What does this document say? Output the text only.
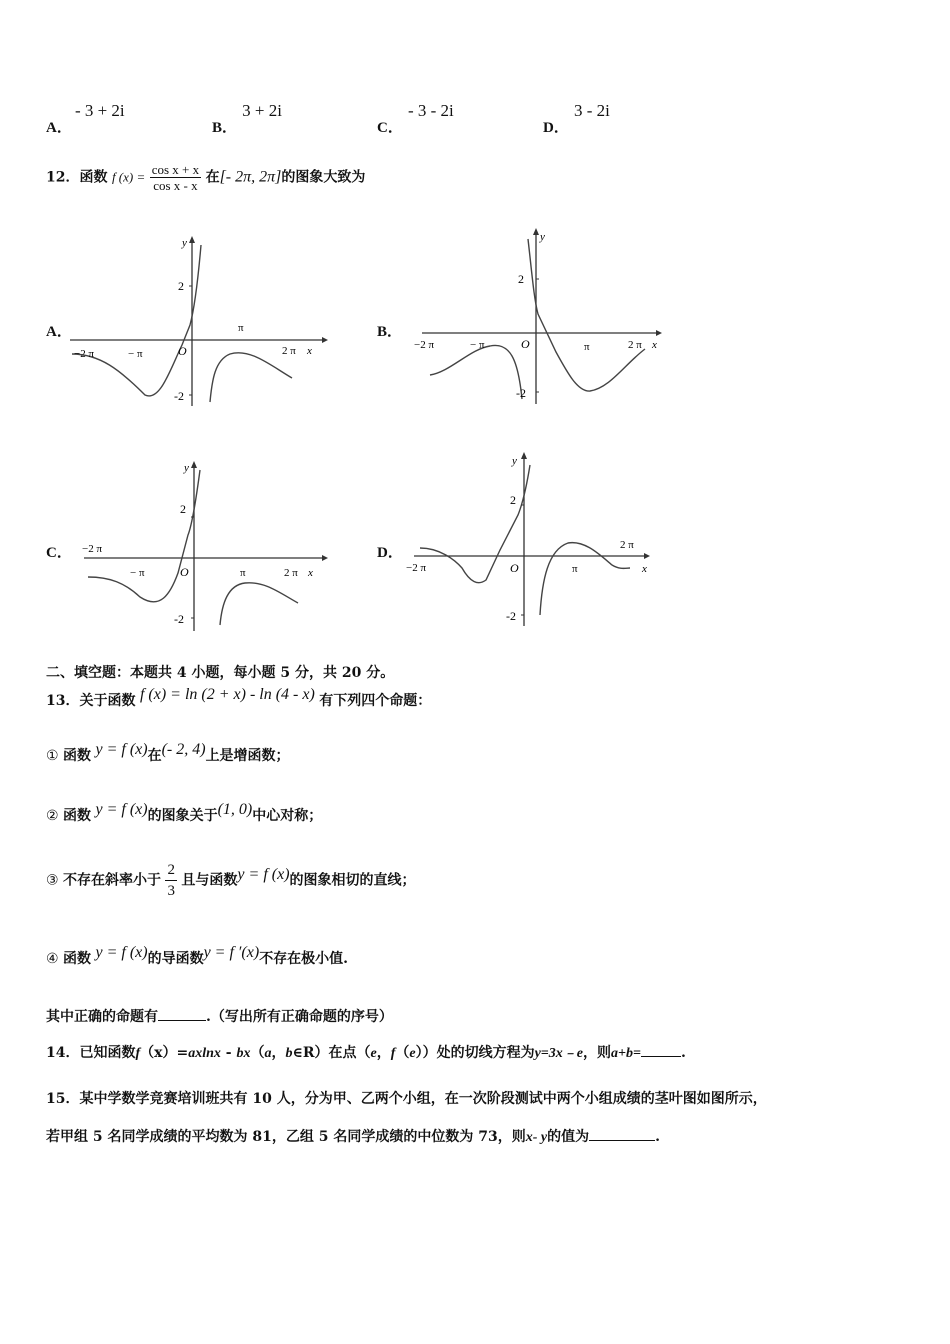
A． - 3 + 2i
B． 3 + 2i
C． - 3 - 2i
D． 3 - 2i
12．函数 f $(x) = \frac{\text{cos x + x}}{\text{cos x - x}}$ 在[- 2π, 2π]的图象大致为
A．	B．
C．	D．
y
2
-2
O
−2 π	− π
π
2 π x
y
2
-2
O
−2 π	− π	π	2 π x
y
2
-2
O
−2 π
− π	π	2 π x
y
2
-2
O
−2 π	π
2 π
x
二、填空题：本题共 4 小题，每小题 5 分，共 20 分。
13．关于函数 f (x) = ln (2 + x) - ln (4 - x) 有下列四个命题：
① 函数 y = f (x)在(- 2, 4)上是增函数；
② 函数 y = f (x)的图象关于(1, 0)中心对称；
③ 不存在斜率小于 $\frac{2}{3}$ 且与函数y = f (x)的图象相切的直线；
④ 函数 y = f (x)的导函数y = f ′(x)不存在极小值.
其中正确的命题有	.（写出所有正确命题的序号）
14．已知函数f（x）=axlnx - bx（a，b∈R）在点（e，f（e））处的切线方程为y=3x﹣e，则a+b=	.
15．某中学数学竞赛培训班共有 10 人，分为甲、乙两个小组，在一次阶段测试中两个小组成绩的茎叶图如图所示，
若甲组 5 名同学成绩的平均数为 81，乙组 5 名同学成绩的中位数为 73，则x- y的值为	.
